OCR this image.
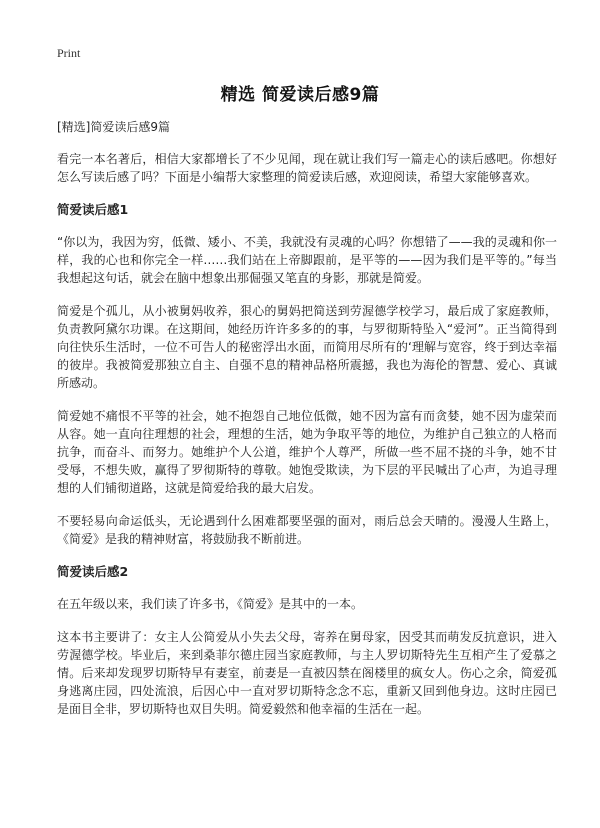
Print
精选 简爱读后感9篇
[精选]简爱读后感9篇

看完一本名著后，相信大家都增长了不少见闻，现在就让我们写一篇走心的读后感吧。你想好怎么写读后感了吗？下面是小编帮大家整理的简爱读后感，欢迎阅读，希望大家能够喜欢。

简爱读后感1

“你以为，我因为穷，低微、矮小、不美，我就没有灵魂的心吗？你想错了——我的灵魂和你一样，我的心也和你完全一样……我们站在上帝脚跟前，是平等的——因为我们是平等的。”每当我想起这句话，就会在脑中想象出那倔强又笔直的身影，那就是简爱。

简爱是个孤儿，从小被舅妈收养，狠心的舅妈把简送到劳渥德学校学习，最后成了家庭教师，负责教阿黛尔功课。在这期间，她经历许许多多的的事，与罗彻斯特坠入“爱河”。正当简得到向往快乐生活时，一位不可告人的秘密浮出水面，而简用尽所有的‘理解与宽容，终于到达幸福的彼岸。我被简爱那独立自主、自强不息的精神品格所震撼，我也为海伦的智慧、爱心、真诚所感动。

简爱她不痛恨不平等的社会，她不抱怨自己地位低微，她不因为富有而贪婪，她不因为虚荣而从容。她一直向往理想的社会，理想的生活，她为争取平等的地位，为维护自己独立的人格而抗争，而奋斗、而努力。她维护个人公道，维护个人尊严，所做一些不屈不挠的斗争，她不甘受辱，不想失败，赢得了罗彻斯特的尊敬。她饱受欺读，为下层的平民喊出了心声，为追寻理想的人们铺彻道路，这就是简爱给我的最大启发。

不要轻易向命运低头，无论遇到什么困难都要坚强的面对，雨后总会天晴的。漫漫人生路上，《简爱》是我的精神财富，将鼓励我不断前进。

简爱读后感2

在五年级以来，我们读了许多书，《简爱》是其中的一本。

这本书主要讲了：女主人公简爱从小失去父母，寄养在舅母家，因受其而萌发反抗意识，进入劳渥德学校。毕业后，来到桑菲尔德庄园当家庭教师，与主人罗切斯特先生互相产生了爱慕之情。后来却发现罗切斯特早有妻室，前妻是一直被囚禁在阁楼里的疯女人。伤心之余，简爱孤身逃离庄园，四处流浪，后因心中一直对罗切斯特念念不忘，重新又回到他身边。这时庄园已是面目全非，罗切斯特也双目失明。简爱毅然和他幸福的生活在一起。
